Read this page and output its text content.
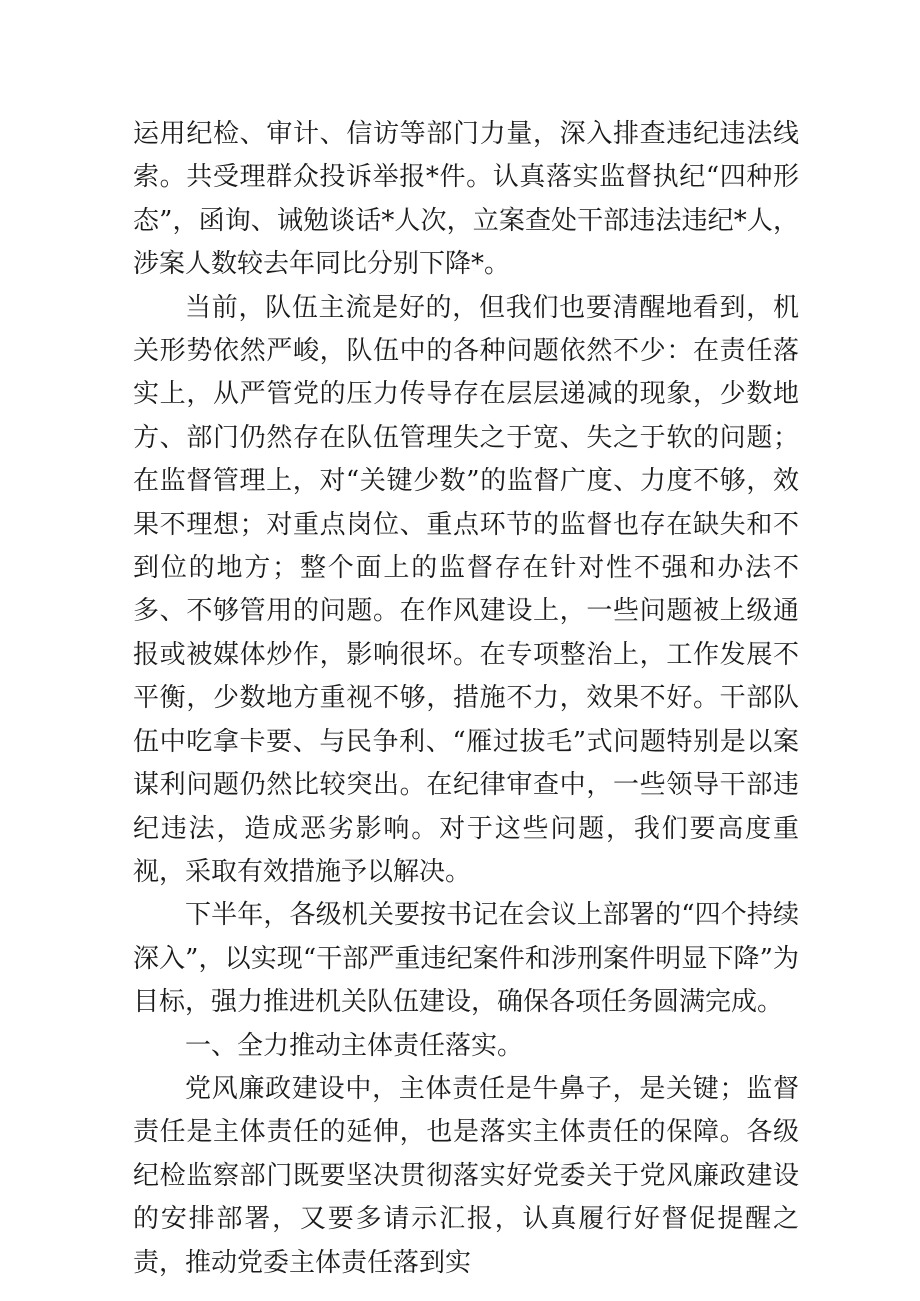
运用纪检、审计、信访等部门力量，深入排查违纪违法线索。共受理群众投诉举报*件。认真落实监督执纪“四种形态”，函询、诫勉谈话*人次，立案查处干部违法违纪*人，涉案人数较去年同比分别下降*。

当前，队伍主流是好的，但我们也要清醒地看到，机关形势依然严峻，队伍中的各种问题依然不少：在责任落实上，从严管党的压力传导存在层层递减的现象，少数地方、部门仍然存在队伍管理失之于宽、失之于软的问题；在监督管理上，对“关键少数”的监督广度、力度不够，效果不理想；对重点岗位、重点环节的监督也存在缺失和不到位的地方；整个面上的监督存在针对性不强和办法不多、不够管用的问题。在作风建设上，一些问题被上级通报或被媒体炒作，影响很坏。在专项整治上，工作发展不平衡，少数地方重视不够，措施不力，效果不好。干部队伍中吃拿卡要、与民争利、“雁过拔毛”式问题特别是以案谋利问题仍然比较突出。在纪律审查中，一些领导干部违纪违法，造成恶劣影响。对于这些问题，我们要高度重视，采取有效措施予以解决。

下半年，各级机关要按书记在会议上部署的“四个持续深入”，以实现“干部严重违纪案件和涉刑案件明显下降”为目标，强力推进机关队伍建设，确保各项任务圆满完成。

一、全力推动主体责任落实。

党风廉政建设中，主体责任是牛鼻子，是关键；监督责任是主体责任的延伸，也是落实主体责任的保障。各级纪检监察部门既要坚决贯彻落实好党委关于党风廉政建设的安排部署，又要多请示汇报，认真履行好督促提醒之责，推动党委主体责任落到实
